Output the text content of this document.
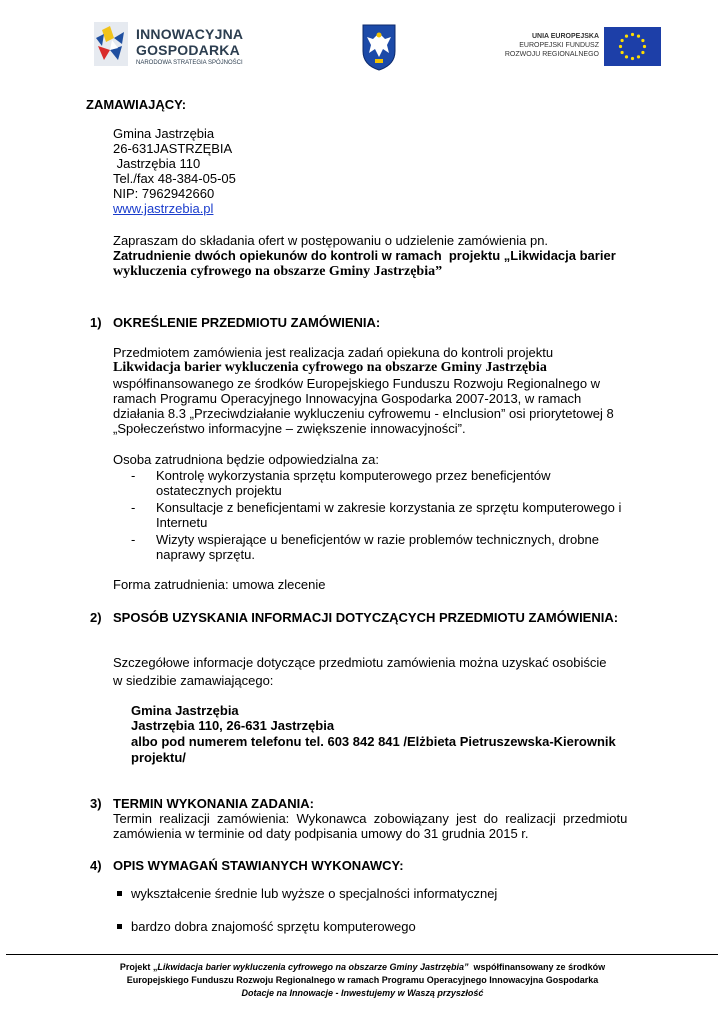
INNOWACYJNA
GOSPODARKA
NARODOWA STRATEGIA SPÓJNOŚCI
UNIA EUROPEJSKA
EUROPEJSKI FUNDUSZ
ROZWOJU REGIONALNEGO
ZAMAWIAJĄCY:
Gmina Jastrzębia
26-631JASTRZĘBIA
Jastrzębia 110
Tel./fax 48-384-05-05
NIP: 7962942660
www.jastrzebia.pl
Zapraszam do składania ofert w postępowaniu o udzielenie zamówienia pn.
Zatrudnienie dwóch opiekunów do kontroli w ramach  projektu „Likwidacja barier
wykluczenia cyfrowego na obszarze Gminy Jastrzębia”
1) OKREŚLENIE PRZEDMIOTU ZAMÓWIENIA:
Przedmiotem zamówienia jest realizacja zadań opiekuna do kontroli projektu
Likwidacja barier wykluczenia cyfrowego na obszarze Gminy Jastrzębia
współfinansowanego ze środków Europejskiego Funduszu Rozwoju Regionalnego w
ramach Programu Operacyjnego Innowacyjna Gospodarka 2007-2013, w ramach
działania 8.3 „Przeciwdziałanie wykluczeniu cyfrowemu - eInclusion” osi priorytetowej 8
„Społeczeństwo informacyjne – zwiększenie innowacyjności”.
Osoba zatrudniona będzie odpowiedzialna za:
- Kontrolę wykorzystania sprzętu komputerowego przez beneficjentów
ostatecznych projektu
- Konsultacje z beneficjentami w zakresie korzystania ze sprzętu komputerowego i
Internetu
- Wizyty wspierające u beneficjentów w razie problemów technicznych, drobne
naprawy sprzętu.
Forma zatrudnienia: umowa zlecenie
2) SPOSÓB UZYSKANIA INFORMACJI DOTYCZĄCYCH PRZEDMIOTU ZAMÓWIENIA:
Szczegółowe informacje dotyczące przedmiotu zamówienia można uzyskać osobiście
w siedzibie zamawiającego:
Gmina Jastrzębia
Jastrzębia 110, 26-631 Jastrzębia
albo pod numerem telefonu tel. 603 842 841 /Elżbieta Pietruszewska-Kierownik
projektu/
3) TERMIN WYKONANIA ZADANIA:
Termin  realizacji  zamówienia:  Wykonawca  zobowiązany  jest  do  realizacji  przedmiotu
zamówienia w terminie od daty podpisania umowy do 31 grudnia 2015 r.
4) OPIS WYMAGAŃ STAWIANYCH WYKONAWCY:
wykształcenie średnie lub wyższe o specjalności informatycznej
bardzo dobra znajomość sprzętu komputerowego
Projekt „Likwidacja barier wykluczenia cyfrowego na obszarze Gminy Jastrzębia”  współfinansowany ze środków
Europejskiego Funduszu Rozwoju Regionalnego w ramach Programu Operacyjnego Innowacyjna Gospodarka
Dotacje na Innowacje - Inwestujemy w Waszą przyszłość
